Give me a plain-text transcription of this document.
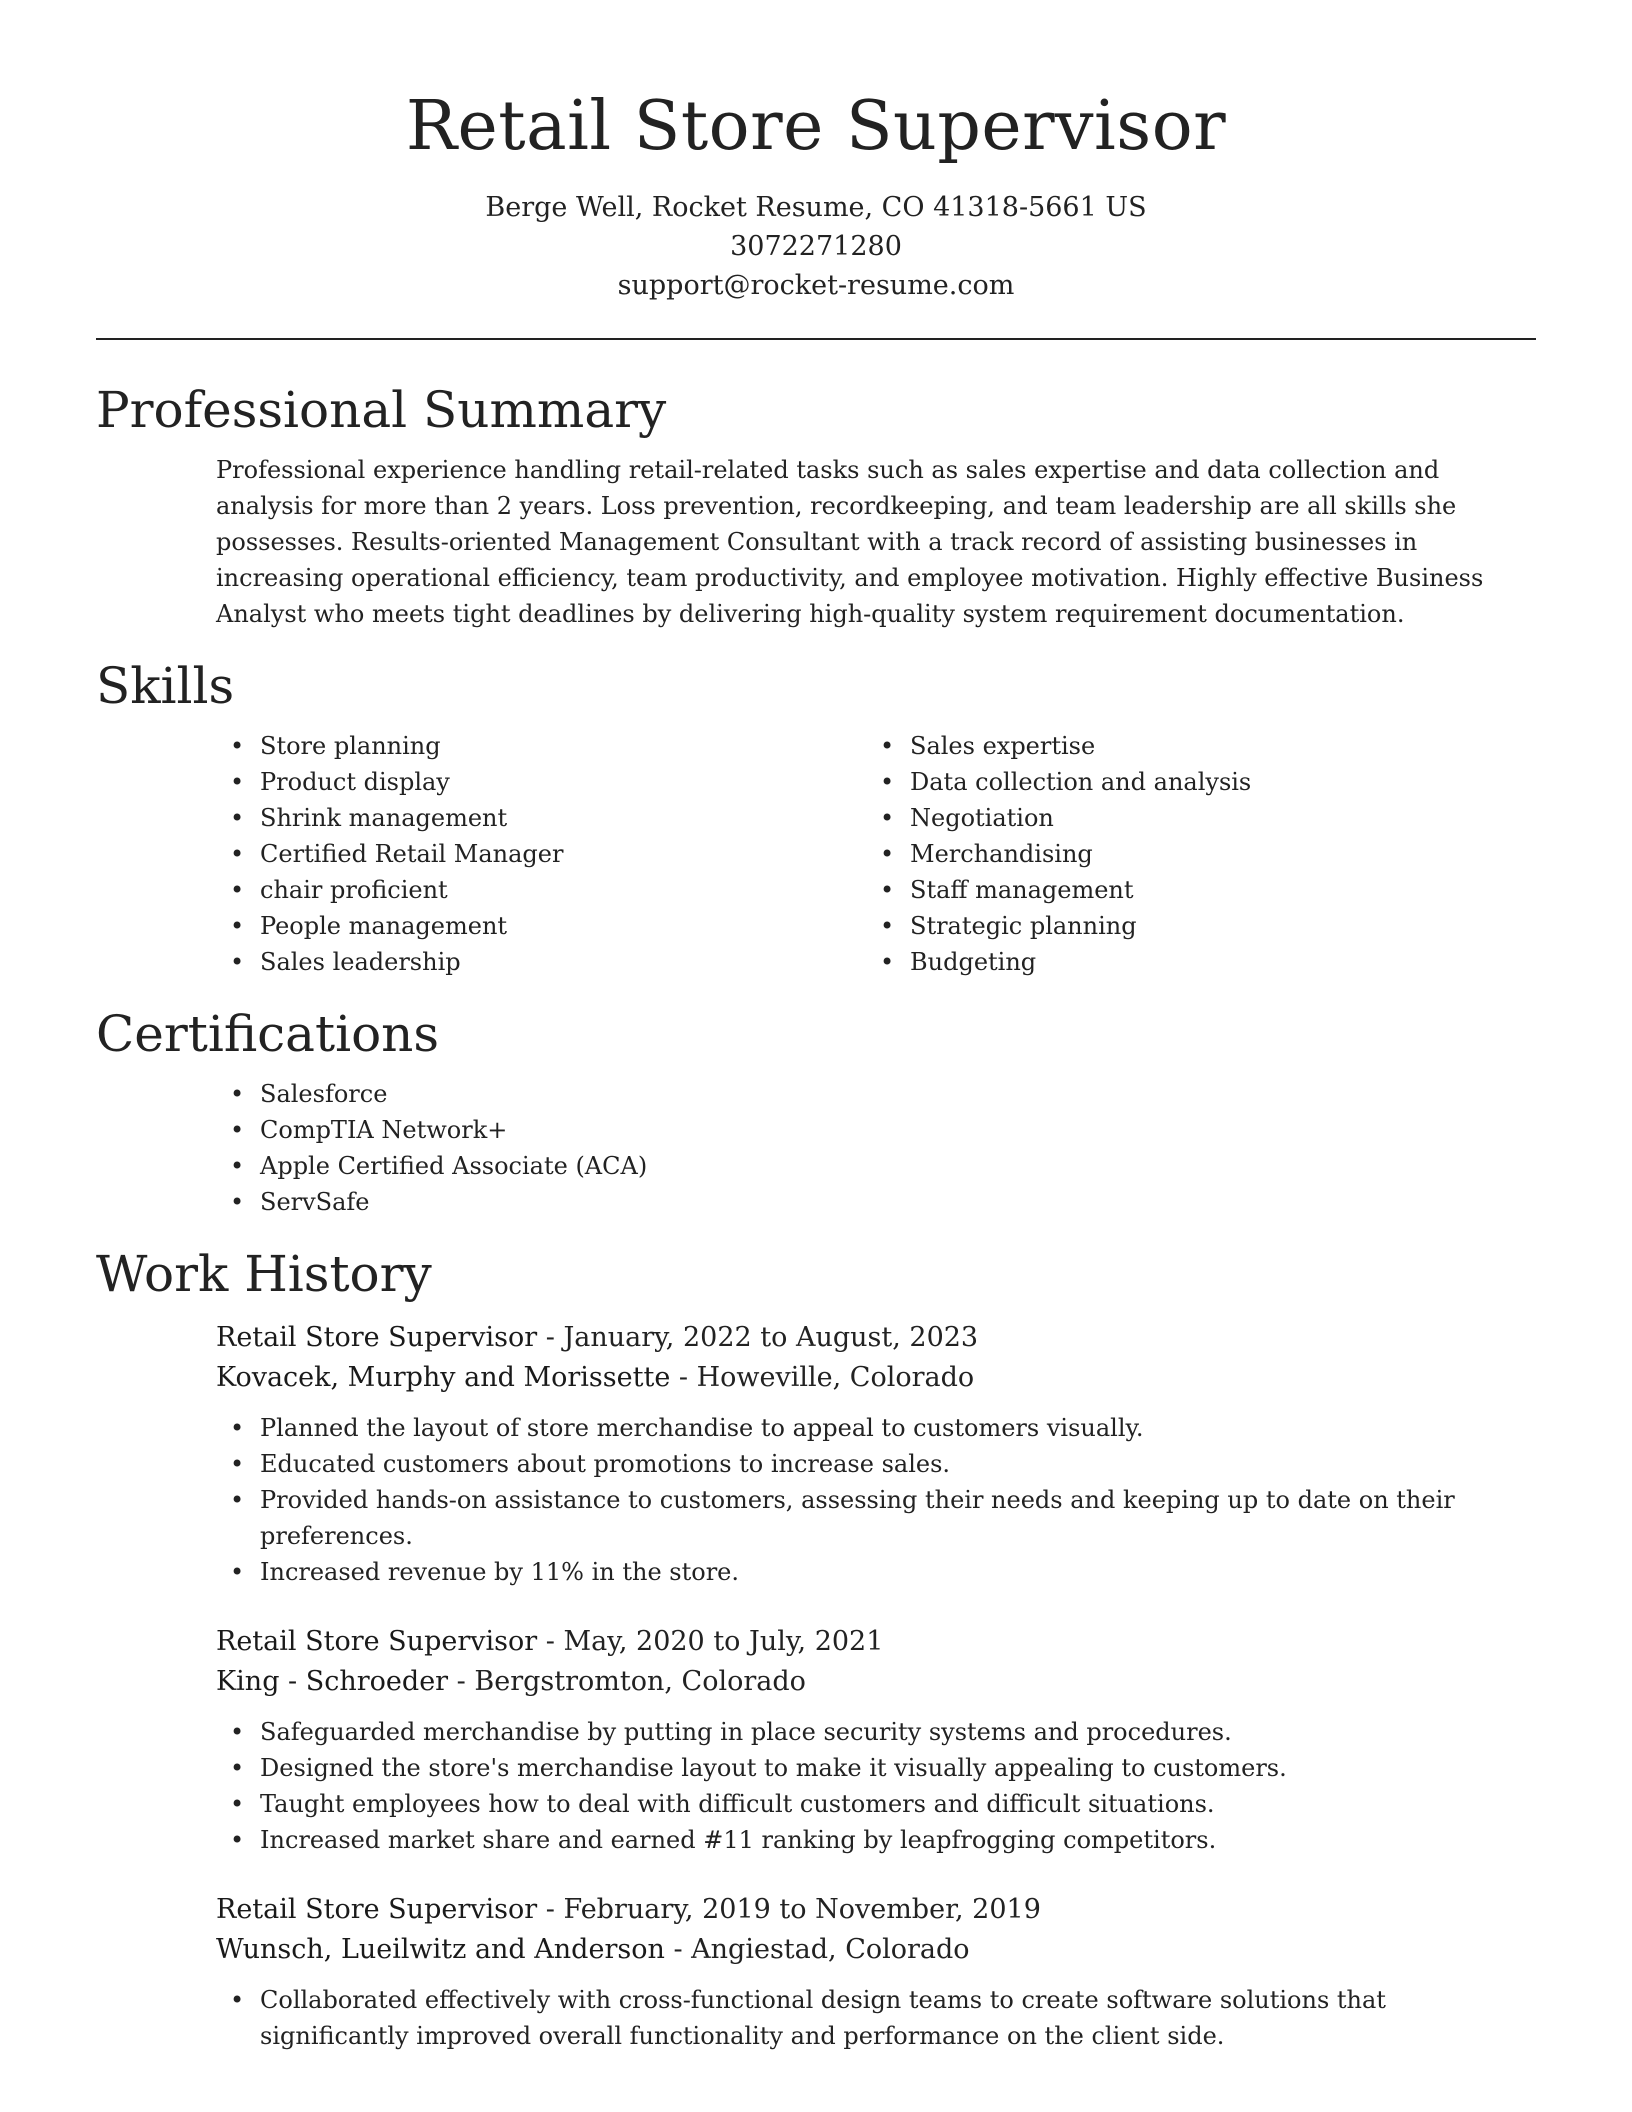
Retail Store Supervisor
Berge Well, Rocket Resume, CO 41318-5661 US
3072271280
support@rocket-resume.com
Professional Summary

Professional experience handling retail-related tasks such as sales expertise and data collection and analysis for more than 2 years. Loss prevention, recordkeeping, and team leadership are all skills she possesses. Results-oriented Management Consultant with a track record of assisting businesses in increasing operational efficiency, team productivity, and employee motivation. Highly effective Business Analyst who meets tight deadlines by delivering high-quality system requirement documentation.

Skills
• Store planning
• Product display
• Shrink management
• Certified Retail Manager
• chair proficient
• People management
• Sales leadership
• Sales expertise
• Data collection and analysis
• Negotiation
• Merchandising
• Staff management
• Strategic planning
• Budgeting
Certifications
• Salesforce
• CompTIA Network+
• Apple Certified Associate (ACA)
• ServSafe
Work History
Retail Store Supervisor - January, 2022 to August, 2023
Kovacek, Murphy and Morissette - Howeville, Colorado
• Planned the layout of store merchandise to appeal to customers visually.
• Educated customers about promotions to increase sales.
• Provided hands-on assistance to customers, assessing their needs and keeping up to date on their preferences.
• Increased revenue by 11% in the store.
Retail Store Supervisor - May, 2020 to July, 2021
King - Schroeder - Bergstromton, Colorado
• Safeguarded merchandise by putting in place security systems and procedures.
• Designed the store's merchandise layout to make it visually appealing to customers.
• Taught employees how to deal with difficult customers and difficult situations.
• Increased market share and earned #11 ranking by leapfrogging competitors.
Retail Store Supervisor - February, 2019 to November, 2019
Wunsch, Lueilwitz and Anderson - Angiestad, Colorado
• Collaborated effectively with cross-functional design teams to create software solutions that significantly improved overall functionality and performance on the client side.
